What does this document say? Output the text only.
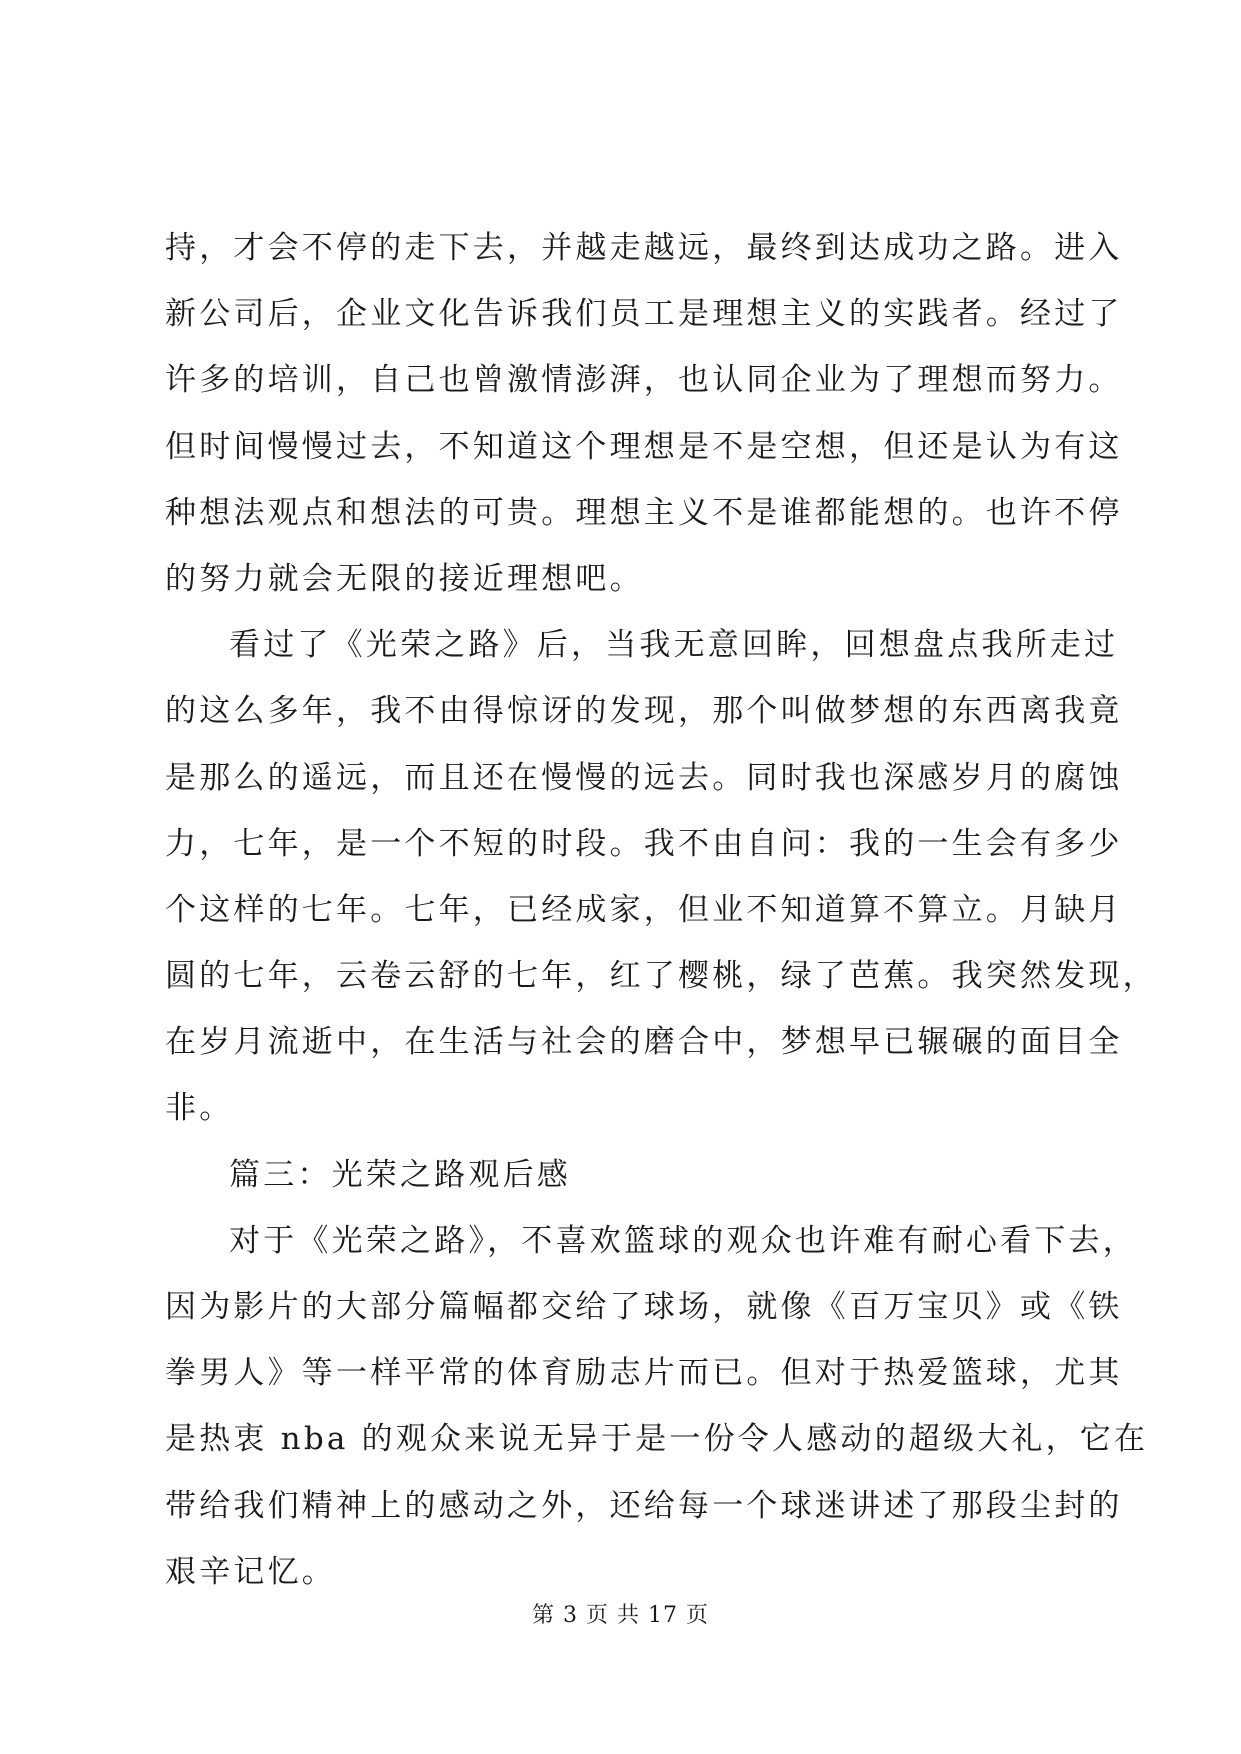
持，才会不停的走下去，并越走越远，最终到达成功之路。进入
新公司后，企业文化告诉我们员工是理想主义的实践者。经过了
许多的培训，自己也曾激情澎湃，也认同企业为了理想而努力。
但时间慢慢过去，不知道这个理想是不是空想，但还是认为有这
种想法观点和想法的可贵。理想主义不是谁都能想的。也许不停
的努力就会无限的接近理想吧。
看过了《光荣之路》后，当我无意回眸，回想盘点我所走过
的这么多年，我不由得惊讶的发现，那个叫做梦想的东西离我竟
是那么的遥远，而且还在慢慢的远去。同时我也深感岁月的腐蚀
力，七年，是一个不短的时段。我不由自问：我的一生会有多少
个这样的七年。七年，已经成家，但业不知道算不算立。月缺月
圆的七年，云卷云舒的七年，红了樱桃，绿了芭蕉。我突然发现，
在岁月流逝中，在生活与社会的磨合中，梦想早已辗碾的面目全
非。
篇三：光荣之路观后感
对于《光荣之路》，不喜欢篮球的观众也许难有耐心看下去，
因为影片的大部分篇幅都交给了球场，就像《百万宝贝》或《铁
拳男人》等一样平常的体育励志片而已。但对于热爱篮球，尤其
是热衷 nba 的观众来说无异于是一份令人感动的超级大礼，它在
带给我们精神上的感动之外，还给每一个球迷讲述了那段尘封的
艰辛记忆。
第 3 页 共 17 页
